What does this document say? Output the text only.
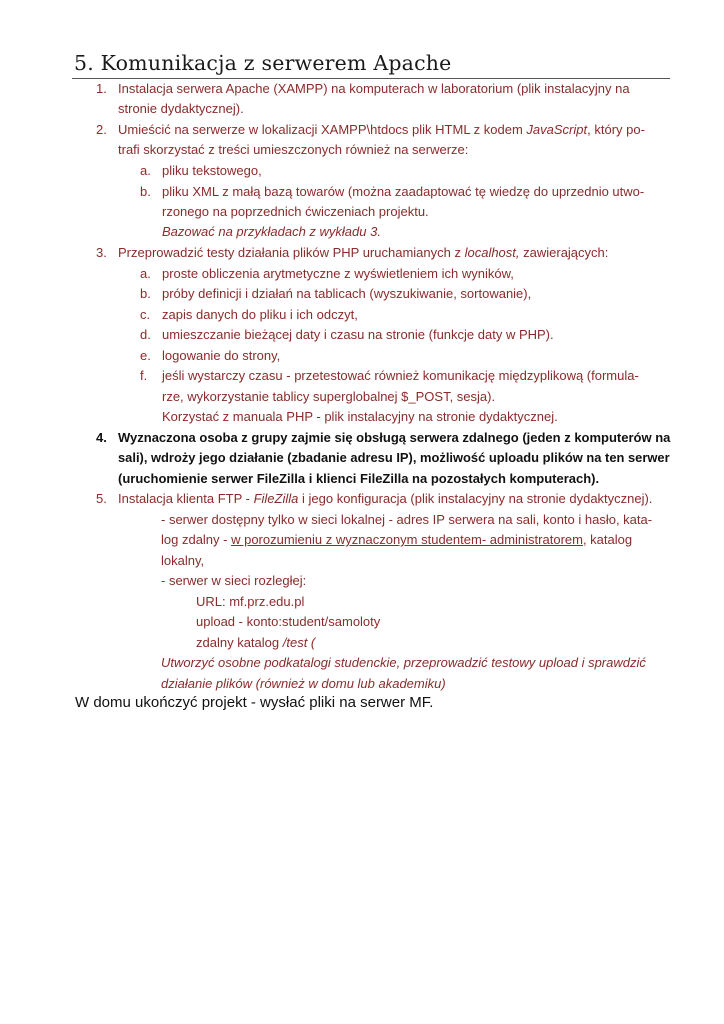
5. Komunikacja z serwerem Apache
1. Instalacja serwera Apache (XAMPP) na komputerach w laboratorium (plik instalacyjny na
stronie dydaktycznej).
2. Umieścić na serwerze w lokalizacji XAMPP\htdocs plik HTML z kodem JavaScript, który po-
trafi skorzystać z treści umieszczonych również na serwerze:
a. pliku tekstowego,
b. pliku XML z małą bazą towarów (można zaadaptować tę wiedzę do uprzednio utwo-
rzonego na poprzednich ćwiczeniach projektu.
Bazować na przykładach z wykładu 3.
3. Przeprowadzić testy działania plików PHP uruchamianych z localhost, zawierających:
a. proste obliczenia arytmetyczne z wyświetleniem ich wyników,
b. próby definicji i działań na tablicach (wyszukiwanie, sortowanie),
c. zapis danych do pliku i ich odczyt,
d. umieszczanie bieżącej daty i czasu na stronie (funkcje daty w PHP).
e. logowanie do strony,
f. jeśli wystarczy czasu - przetestować również komunikację międzyplikową (formula-
rze, wykorzystanie tablicy superglobalnej $_POST, sesja).
Korzystać z manuala PHP - plik instalacyjny na stronie dydaktycznej.
4. Wyznaczona osoba z grupy zajmie się obsługą serwera zdalnego (jeden z komputerów na
sali), wdroży jego działanie (zbadanie adresu IP), możliwość uploadu plików na ten serwer
(uruchomienie serwer FileZilla i klienci FileZilla na pozostałych komputerach).
5. Instalacja klienta FTP - FileZilla i jego konfiguracja (plik instalacyjny na stronie dydaktycznej).
- serwer dostępny tylko w sieci lokalnej - adres IP serwera na sali, konto i hasło, kata-
log zdalny - w porozumieniu z wyznaczonym studentem- administratorem, katalog
lokalny,
- serwer w sieci rozległej:
URL: mf.prz.edu.pl
upload - konto:student/samoloty
zdalny katalog /test (
Utworzyć osobne podkatalogi studenckie, przeprowadzić testowy upload i sprawdzić
działanie plików (również w domu lub akademiku)
W domu ukończyć projekt - wysłać pliki na serwer MF.
